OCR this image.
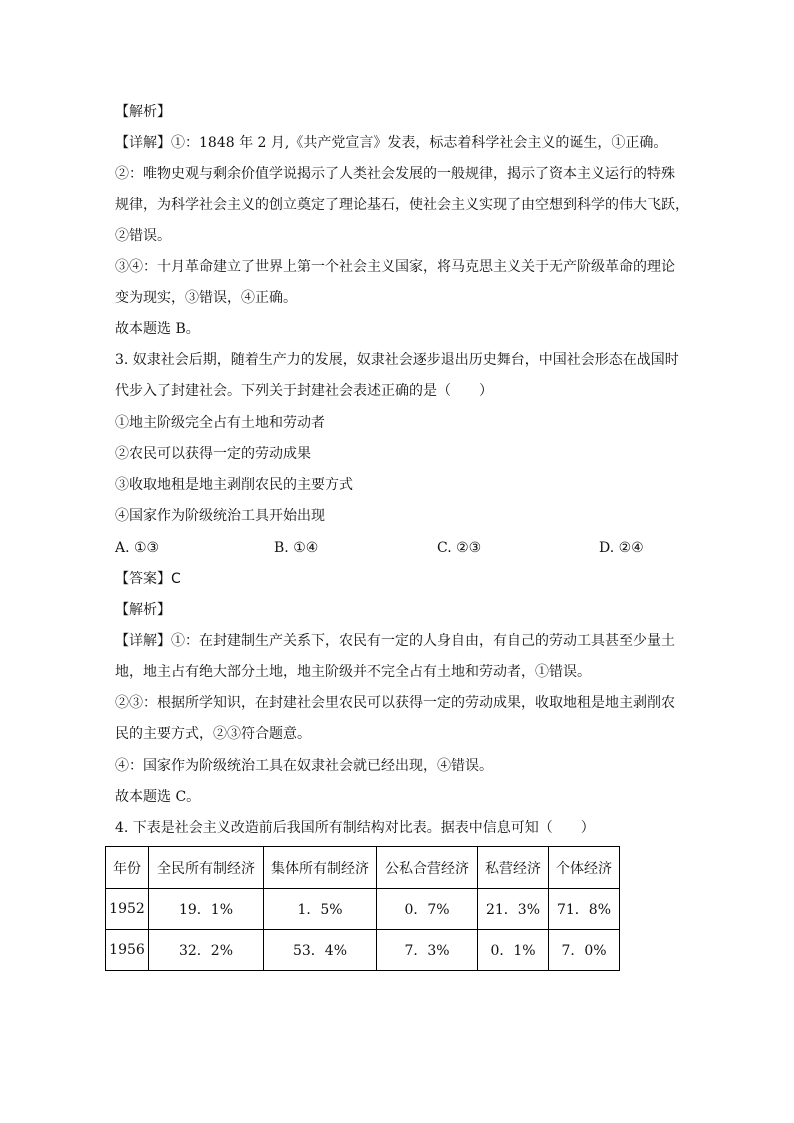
【解析】
【详解】①：1848 年 2 月,《共产党宣言》发表，标志着科学社会主义的诞生，①正确。
②：唯物史观与剩余价值学说揭示了人类社会发展的一般规律，揭示了资本主义运行的特殊
规律，为科学社会主义的创立奠定了理论基石，使社会主义实现了由空想到科学的伟大飞跃，
②错误。
③④：十月革命建立了世界上第一个社会主义国家，将马克思主义关于无产阶级革命的理论
变为现实，③错误，④正确。
故本题选 B。
3. 奴隶社会后期，随着生产力的发展，奴隶社会逐步退出历史舞台，中国社会形态在战国时
代步入了封建社会。下列关于封建社会表述正确的是（　　）
①地主阶级完全占有土地和劳动者
②农民可以获得一定的劳动成果
③收取地租是地主剥削农民的主要方式
④国家作为阶级统治工具开始出现
A. ①③	B. ①④	C. ②③	D. ②④
【答案】C
【解析】
【详解】①：在封建制生产关系下，农民有一定的人身自由，有自己的劳动工具甚至少量土
地，地主占有绝大部分土地，地主阶级并不完全占有土地和劳动者，①错误。
②③：根据所学知识，在封建社会里农民可以获得一定的劳动成果，收取地租是地主剥削农
民的主要方式，②③符合题意。
④：国家作为阶级统治工具在奴隶社会就已经出现，④错误。
故本题选 C。
4. 下表是社会主义改造前后我国所有制结构对比表。据表中信息可知（　　）
年份	全民所有制经济	集体所有制经济	公私合营经济	私营经济	个体经济
1952	19．1%	1．5%	0．7%	21．3%	71．8%
1956	32．2%	53．4%	7．3%	0．1%	7．0%
